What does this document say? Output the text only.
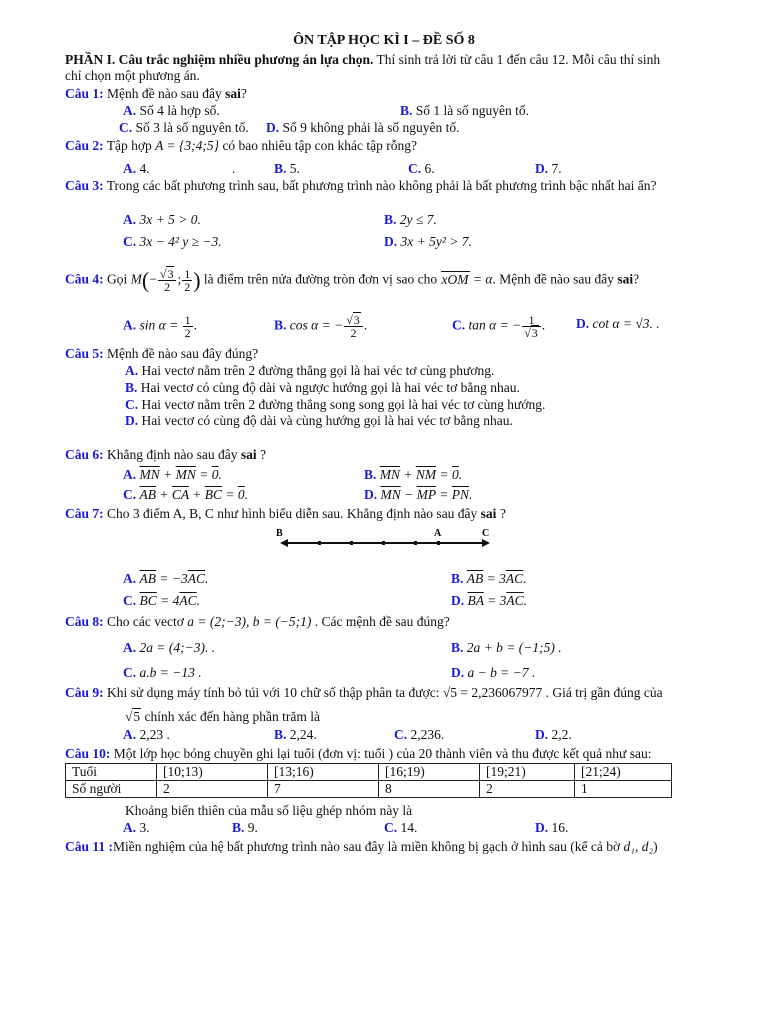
ÔN TẬP HỌC KÌ I – ĐỀ SỐ 8
PHẦN I. Câu trắc nghiệm nhiều phương án lựa chọn. Thí sinh trả lời từ câu 1 đến câu 12. Mỗi câu thí sinh
chỉ chọn một phương án.
Câu 1: Mệnh đề nào sau đây sai?
A. Số 4 là hợp số.	B. Số 1 là số nguyên tố.
C. Số 3 là số nguyên tố. D. Số 9 không phải là số nguyên tố.
Câu 2: Tập hợp A = {3;4;5} có bao nhiêu tập con khác tập rỗng?
A. 4.	.	B. 5.	C. 6.	D. 7.
Câu 3: Trong các bất phương trình sau, bất phương trình nào không phải là bất phương trình bậc nhất hai ẩn?
A. 3x + 5 > 0.	B. 2y ≤ 7.
C. 3x − 4² y ≥ −3.	D. 3x + 5y² > 7.
Câu 4: Gọi $M(- \frac{√3}{2}$ ; $\frac{1}{2}$ ) là điểm trên nửa đường tròn đơn vị sao cho xOM = α. Mệnh đề nào sau đây sai?
A. $\sin \alpha = \frac{1}{2}$ .	B. cos α = − $\frac{√3}{2}$ .	C. tan α = − $\frac{1}{√3}$ . D. cot α = √3. .
Câu 5: Mệnh đề nào sau đây đúng?
A. Hai vectơ nằm trên 2 đường thẳng gọi là hai véc tơ cùng phương.
B. Hai vectơ có cùng độ dài và ngược hướng gọi là hai véc tơ bằng nhau.
C. Hai vectơ nằm trên 2 đường thẳng song song gọi là hai véc tơ cùng hướng.
D. Hai vectơ có cùng độ dài và cùng hướng gọi là hai véc tơ bằng nhau.
Câu 6: Khẳng định nào sau đây sai ?
A. $\overline{MN} + \overline{MN} = 0$.	B. $\overline{MN} + \overline{NM} = 0$.
C. $\overline{AB} + \overline{CA} + \overline{BC} = 0$.	D. $\overline{MN} - \overline{MP} = \overline{PN}$.
Câu 7: Cho 3 điểm A, B, C như hình biểu diễn sau. Khẳng định nào sau đây sai ?
B	A	C
A. $\overline{AB} = -3\overline{AC}$.	B. $\overline{AB} = 3\overline{AC}$.
C. $\overline{BC} = 4\overline{AC}$.	D. $\overline{BA} = 3\overline{AC}$.
Câu 8: Cho các vectơ a = (2;−3), b = (−5;1) . Các mệnh đề sau đúng?
A. 2a = (4;−3). .	B. 2a + b = (−1;5) .
C. a.b = −13 .	D. a − b = −7 .
Câu 9: Khi sử dụng máy tính bỏ túi với 10 chữ số thập phân ta được: √5 = 2,236067977 . Giá trị gần đúng của
√5 chính xác đến hàng phần trăm là
A. 2,23 .	B. 2,24.	C. 2,236.	D. 2,2.
Câu 10: Một lớp học bóng chuyền ghi lại tuổi (đơn vị: tuổi ) của 20 thành viên và thu được kết quả như sau:
Tuổi	[10;13)	[13;16)	[16;19)	[19;21)	[21;24)
Số người	2	7	8	2	1
Khoảng biến thiên của mẫu số liệu ghép nhóm này là
A. 3.	B. 9.	C. 14.	D. 16.
Câu 11 :Miền nghiệm của hệ bất phương trình nào sau đây là miền không bị gạch ở hình sau (kể cả bờ d₁, d₂)
